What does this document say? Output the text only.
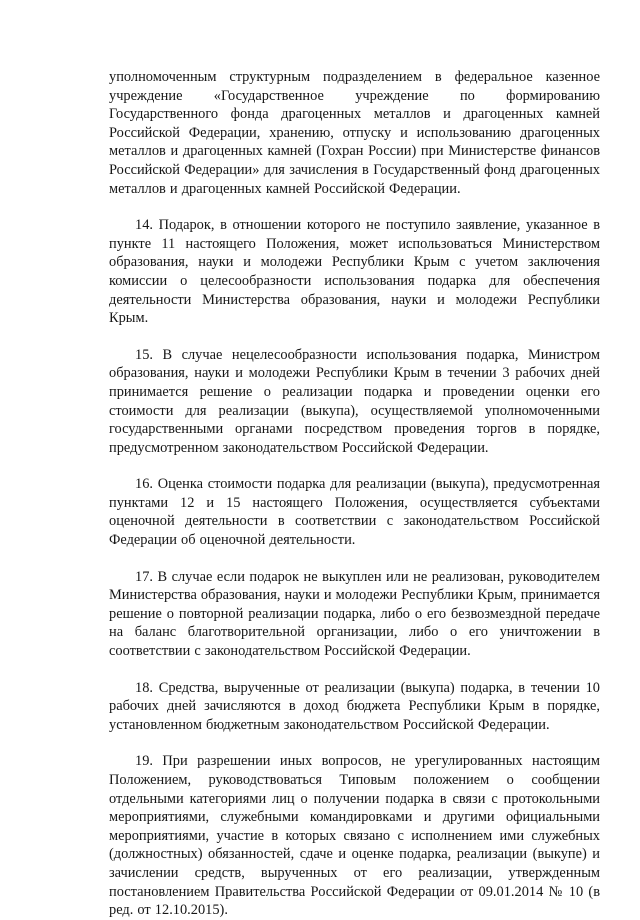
уполномоченным структурным подразделением в федеральное казенное учреждение «Государственное учреждение по формированию Государственного фонда драгоценных металлов и драгоценных камней Российской Федерации, хранению, отпуску и использованию драгоценных металлов и драгоценных камней (Гохран России) при Министерстве финансов Российской Федерации» для зачисления в Государственный фонд драгоценных металлов и драгоценных камней Российской Федерации.

14. Подарок, в отношении которого не поступило заявление, указанное в пункте 11 настоящего Положения, может использоваться Министерством образования, науки и молодежи Республики Крым с учетом заключения комиссии о целесообразности использования подарка для обеспечения деятельности Министерства образования, науки и молодежи Республики Крым.

15. В случае нецелесообразности использования подарка, Министром образования, науки и молодежи Республики Крым в течении 3 рабочих дней принимается решение о реализации подарка и проведении оценки его стоимости для реализации (выкупа), осуществляемой уполномоченными государственными органами посредством проведения торгов в порядке, предусмотренном законодательством Российской Федерации.

16. Оценка стоимости подарка для реализации (выкупа), предусмотренная пунктами 12 и 15 настоящего Положения, осуществляется субъектами оценочной деятельности в соответствии с законодательством Российской Федерации об оценочной деятельности.

17. В случае если подарок не выкуплен или не реализован, руководителем Министерства образования, науки и молодежи Республики Крым, принимается решение о повторной реализации подарка, либо о его безвозмездной передаче на баланс благотворительной организации, либо о его уничтожении в соответствии с законодательством Российской Федерации.

18. Средства, вырученные от реализации (выкупа) подарка, в течении 10 рабочих дней зачисляются в доход бюджета Республики Крым в порядке, установленном бюджетным законодательством Российской Федерации.

19. При разрешении иных вопросов, не урегулированных настоящим Положением, руководствоваться Типовым положением о сообщении отдельными категориями лиц о получении подарка в связи с протокольными мероприятиями, служебными командировками и другими официальными мероприятиями, участие в которых связано с исполнением ими служебных (должностных) обязанностей, сдаче и оценке подарка, реализации (выкупе) и зачислении средств, вырученных от его реализации, утвержденным постановлением Правительства Российской Федерации от 09.01.2014 № 10 (в ред. от 12.10.2015).
